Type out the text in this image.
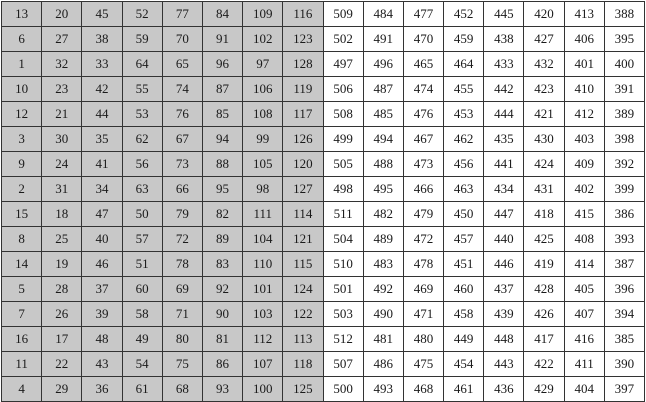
13	20	45	52	77	84	109	116	509	484	477	452	445	420	413	388
6	27	38	59	70	91	102	123	502	491	470	459	438	427	406	395
1	32	33	64	65	96	97	128	497	496	465	464	433	432	401	400
10	23	42	55	74	87	106	119	506	487	474	455	442	423	410	391
12	21	44	53	76	85	108	117	508	485	476	453	444	421	412	389
3	30	35	62	67	94	99	126	499	494	467	462	435	430	403	398
9	24	41	56	73	88	105	120	505	488	473	456	441	424	409	392
2	31	34	63	66	95	98	127	498	495	466	463	434	431	402	399
15	18	47	50	79	82	111	114	511	482	479	450	447	418	415	386
8	25	40	57	72	89	104	121	504	489	472	457	440	425	408	393
14	19	46	51	78	83	110	115	510	483	478	451	446	419	414	387
5	28	37	60	69	92	101	124	501	492	469	460	437	428	405	396
7	26	39	58	71	90	103	122	503	490	471	458	439	426	407	394
16	17	48	49	80	81	112	113	512	481	480	449	448	417	416	385
11	22	43	54	75	86	107	118	507	486	475	454	443	422	411	390
4	29	36	61	68	93	100	125	500	493	468	461	436	429	404	397
